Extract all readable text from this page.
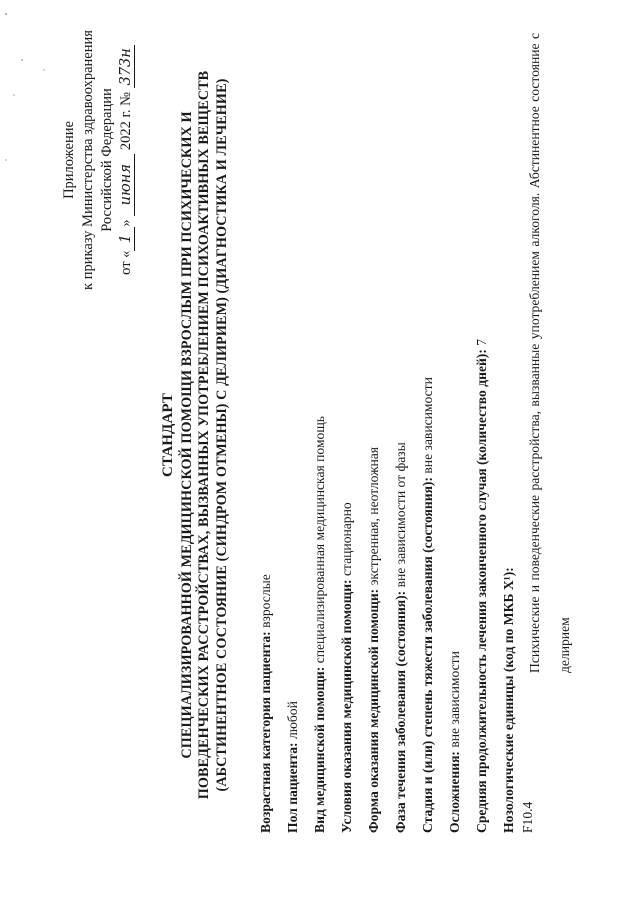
Приложение к приказу Министерства здравоохранения Российской Федерации
от «1» июня 2022 г. № 373н
СТАНДАРТ СПЕЦИАЛИЗИРОВАННОЙ МЕДИЦИНСКОЙ ПОМОЩИ ВЗРОСЛЫМ ПРИ ПСИХИЧЕСКИХ И ПОВЕДЕНЧЕСКИХ РАССТРОЙСТВАХ, ВЫЗВАННЫХ УПОТРЕБЛЕНИЕМ ПСИХОАКТИВНЫХ ВЕЩЕСТВ (АБСТИНЕНТНОЕ СОСТОЯНИЕ (СИНДРОМ ОТМЕНЫ) С ДЕЛИРИЕМ) (ДИАГНОСТИКА И ЛЕЧЕНИЕ)	Возрастная категория пациента: взрослые
Пол пациента: любой Вид медицинской помощи: специализированная медицинская помощь
Условия оказания медицинской помощи: стационарно
Форма оказания медицинской помощи: экстренная, неотложная
Фаза течения заболевания (состояния): вне зависимости от фазы Стадия и (или) степень тяжести заболевания (состояния): вне зависимости
Осложнения: вне зависимости Средняя продолжительность лечения законченного случая (количество дней): 7
Нозологические единицы (код по МКБ X¹): F10.4
Психические и поведенческие расстройства, вызванные употреблением алкоголя. Абстинентное состояние с делирием
